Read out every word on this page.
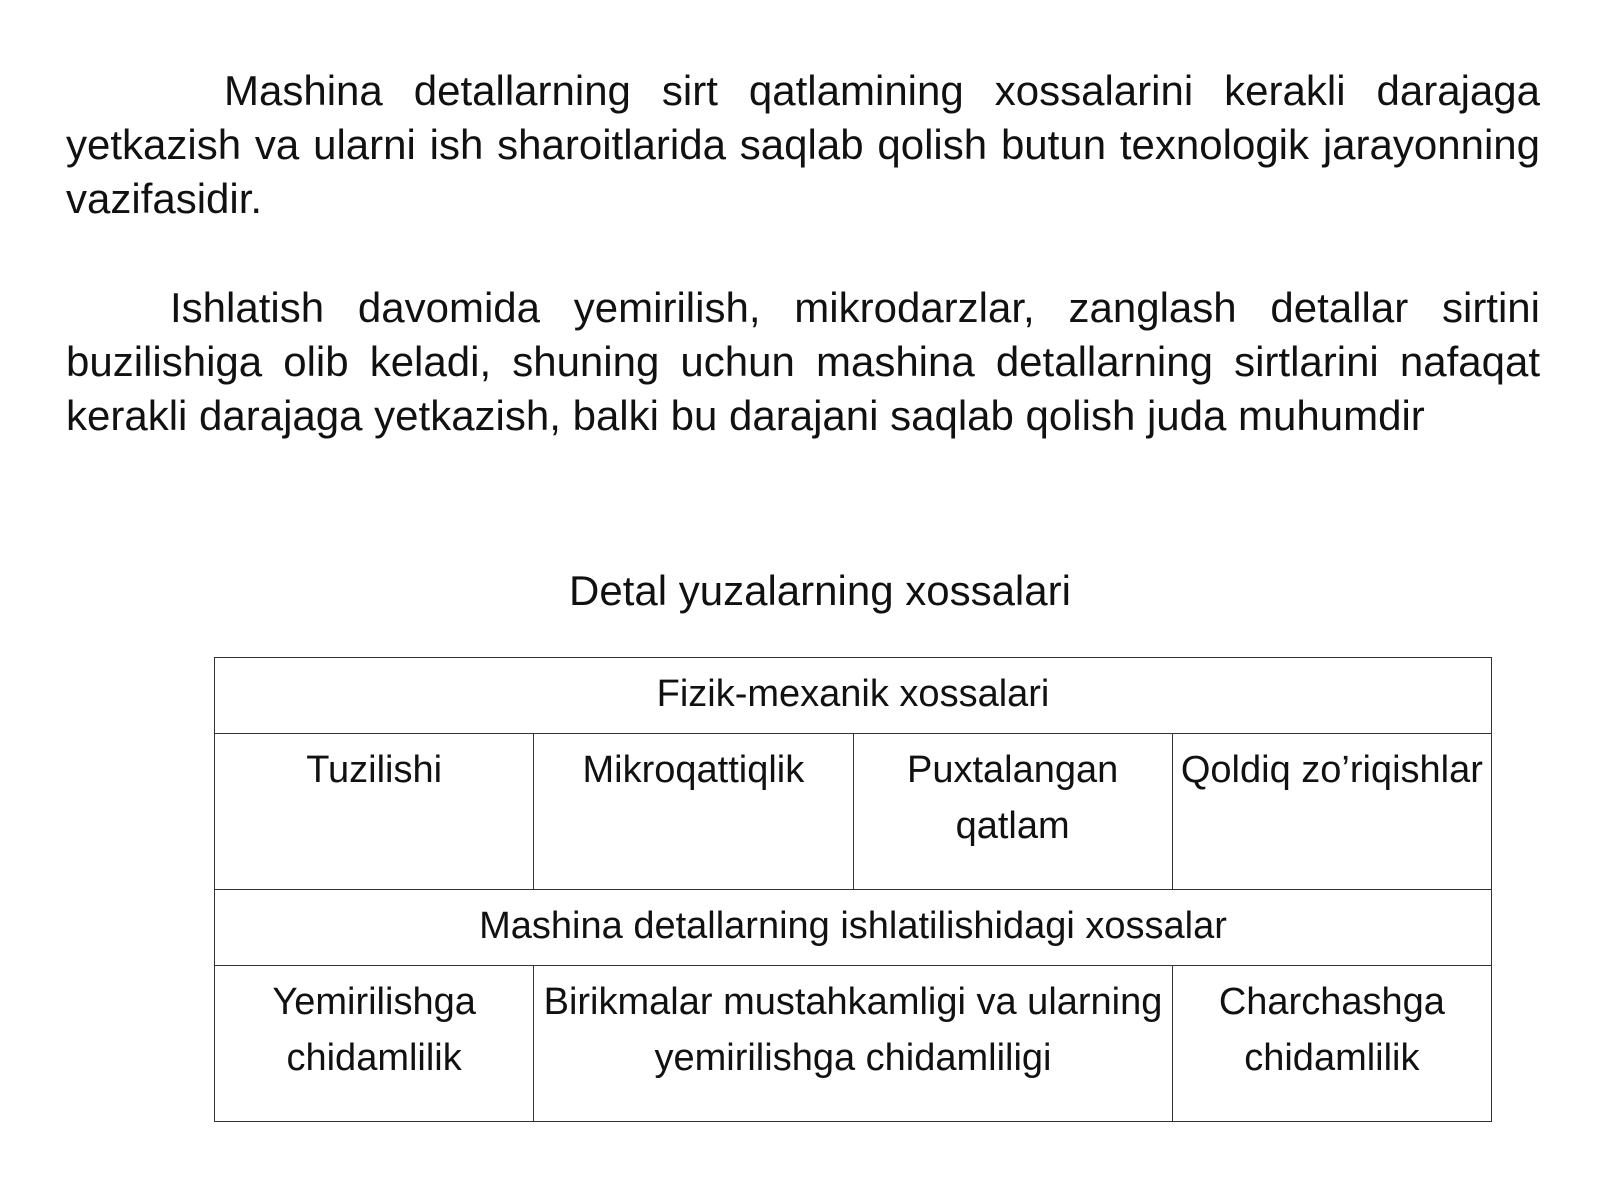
Mashina detallarning sirt qatlamining xossalarini kerakli darajaga yetkazish va ularni ish sharoitlarida saqlab qolish butun texnologik jarayonning vazifasidir.

Ishlatish davomida yemirilish, mikrodarzlar, zanglash detallar sirtini buzilishiga olib keladi, shuning uchun mashina detallarning sirtlarini nafaqat kerakli darajaga yetkazish, balki bu darajani saqlab qolish juda muhumdir

Detal yuzalarning xossalari
Fizik-mexanik xossalari			
Tuzilishi	Mikroqattiqlik	Puxtalangan qatlam	Qoldiq zo’riqishlar
Mashina detallarning ishlatilishidagi xossalar			
Yemirilishga chidamlilik	Birikmalar mustahkamligi va ularning yemirilishga chidamliligi		Charchashga chidamlilik
